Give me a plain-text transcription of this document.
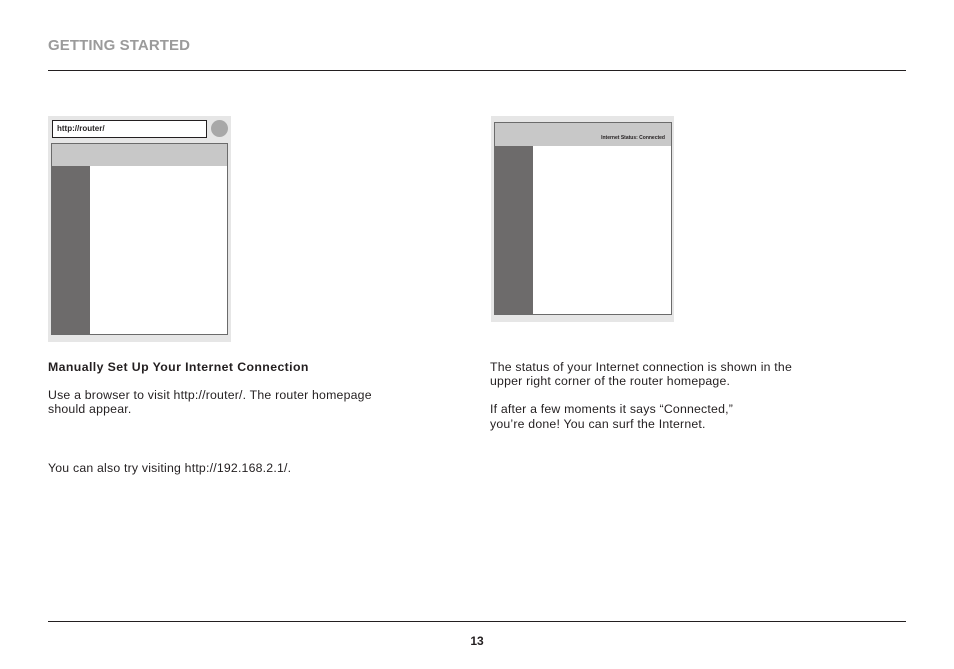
GETTING STARTED
http://router/
Internet Status: Connected
Manually Set Up Your Internet Connection
Use a browser to visit http://router/. The router homepage
should appear.
You can also try visiting http://192.168.2.1/.
The status of your Internet connection is shown in the
upper right corner of the router homepage.
If after a few moments it says “Connected,”
you’re done! You can surf the Internet.
13
